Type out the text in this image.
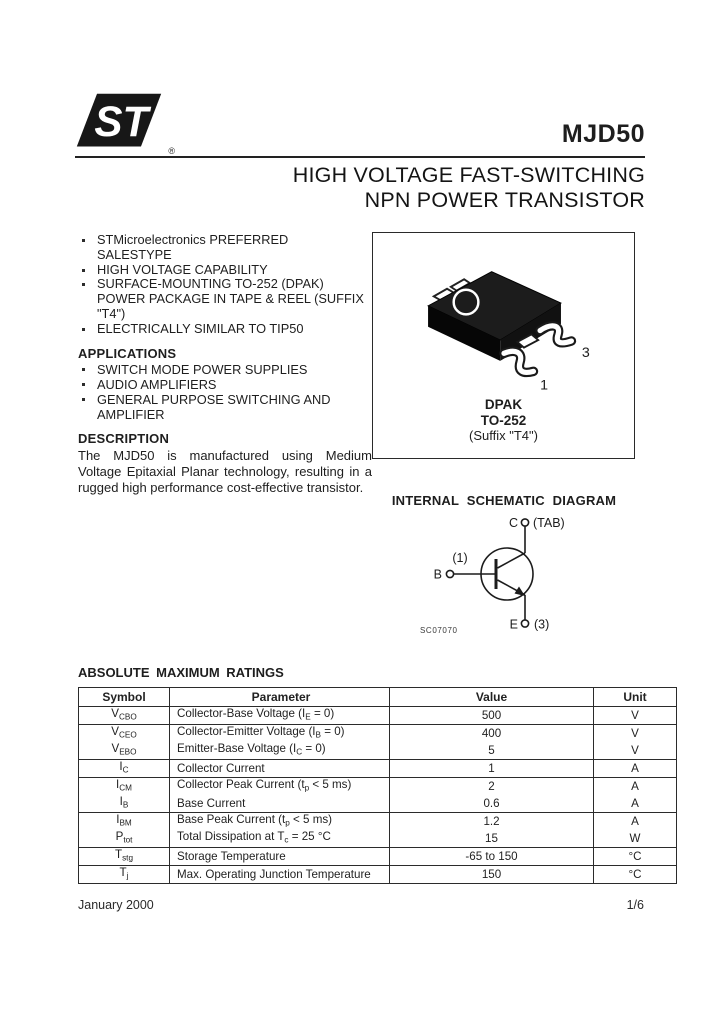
ST
®
MJD50
HIGH VOLTAGE FAST-SWITCHING
NPN POWER TRANSISTOR
STMicroelectronics PREFERRED SALESTYPE
HIGH VOLTAGE CAPABILITY
SURFACE-MOUNTING TO-252 (DPAK) POWER PACKAGE IN TAPE & REEL (SUFFIX "T4")
ELECTRICALLY SIMILAR TO TIP50
APPLICATIONS
SWITCH MODE POWER SUPPLIES
AUDIO AMPLIFIERS
GENERAL PURPOSE SWITCHING AND AMPLIFIER
DESCRIPTION

The MJD50 is manufactured using Medium Voltage Epitaxial Planar technology, resulting in a rugged high performance cost-effective transistor.

3
1
DPAK
TO-252
(Suffix "T4")
INTERNAL SCHEMATIC DIAGRAM
C (TAB)
B
(1)
E (3)
SC07070
ABSOLUTE MAXIMUM RATINGS
Symbol	Parameter	Value	Unit
$V_{CBO}$	Collector-Base Voltage $(I_E = 0)$	500	V
$V_{CEO}$	Collector-Emitter Voltage $(I_B = 0)$	400	V
$V_{EBO}$	Emitter-Base Voltage $(I_C = 0)$	5	V
$I_C$	Collector Current	1	A
$I_{CM}$	Collector Peak Current ($t_p < 5$ ms)	2	A
$I_B$	Base Current	0.6	A
$I_{BM}$	Base Peak Current ($t_p < 5$ ms)	1.2	A
$P_{tot}$	Total Dissipation at $T_c = 25$ °C	15	W
$T_{stg}$	Storage Temperature	-65 to 150	°C
$T_j$	Max. Operating Junction Temperature	150	°C
January 2000	1/6
